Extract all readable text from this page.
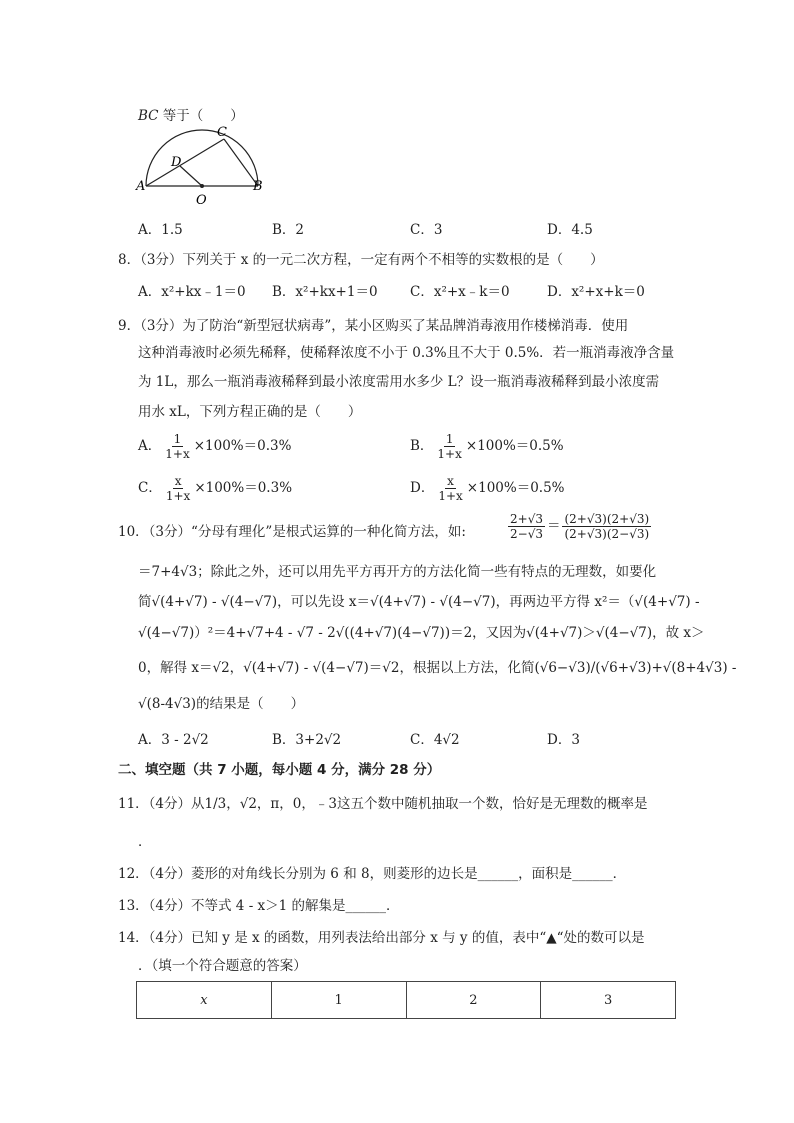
BC 等于（　　）
A	B
C
D
O
A．1.5	B．2	C．3	D．4.5
8．（3分）下列关于 x 的一元二次方程，一定有两个不相等的实数根的是（　　）
A．x²+kx﹣1＝0 B．x²+kx+1＝0 C．x²+x﹣k＝0	D．x²+x+k＝0
9．（3分）为了防治“新型冠状病毒”，某小区购买了某品牌消毒液用作楼梯消毒．使用
这种消毒液时必须先稀释，使稀释浓度不小于 0.3%且不大于 0.5%．若一瓶消毒液净含量
为 1L，那么一瓶消毒液稀释到最小浓度需用水多少 L？设一瓶消毒液稀释到最小浓度需
用水 xL，下列方程正确的是（　　）
A． $\frac{1}{1+x} \times 100\%=0.3\%$	B． $\frac{1}{1+x} \times 100\%=0.5\%$
C． $\frac{x}{1+x} \times 100\%=0.3\%$	D． $\frac{x}{1+x} \times 100\%=0.5\%$
10．（3分）“分母有理化”是根式运算的一种化简方法，如:	$\frac{2+√3}{2-√3} = \frac{(2+√3)(2+√3)}{(2+√3)(2-√3)}$
＝7+4√3；除此之外，还可以用先平方再开方的方法化简一些有特点的无理数，如要化
简√(4+√7) - √(4−√7)，可以先设 x＝√(4+√7) - √(4−√7)，再两边平方得 x²＝（√(4+√7) -
√(4−√7)）²＝4+√7+4 - √7 - 2√((4+√7)(4−√7))＝2，又因为√(4+√7)＞√(4−√7)，故 x＞
0，解得 x＝√2，√(4+√7) - √(4−√7)＝√2，根据以上方法，化简(√6−√3)/(√6+√3)+√(8+4√3) -
√(8-4√3)的结果是（　　）
A．3 - 2√2	B．3+2√2	C．4√2	D．3
二、填空题（共 7 小题，每小题 4 分，满分 28 分）
11．（4分）从1/3，√2，π，0，﹣3这五个数中随机抽取一个数，恰好是无理数的概率是
．
12．（4分）菱形的对角线长分别为 6 和 8，则菱形的边长是______，面积是______．
13．（4分）不等式 4 - x＞1 的解集是______．
14．（4分）已知 y 是 x 的函数，用列表法给出部分 x 与 y 的值，表中“▲“处的数可以是
．（填一个符合题意的答案）
x	1	2	3
